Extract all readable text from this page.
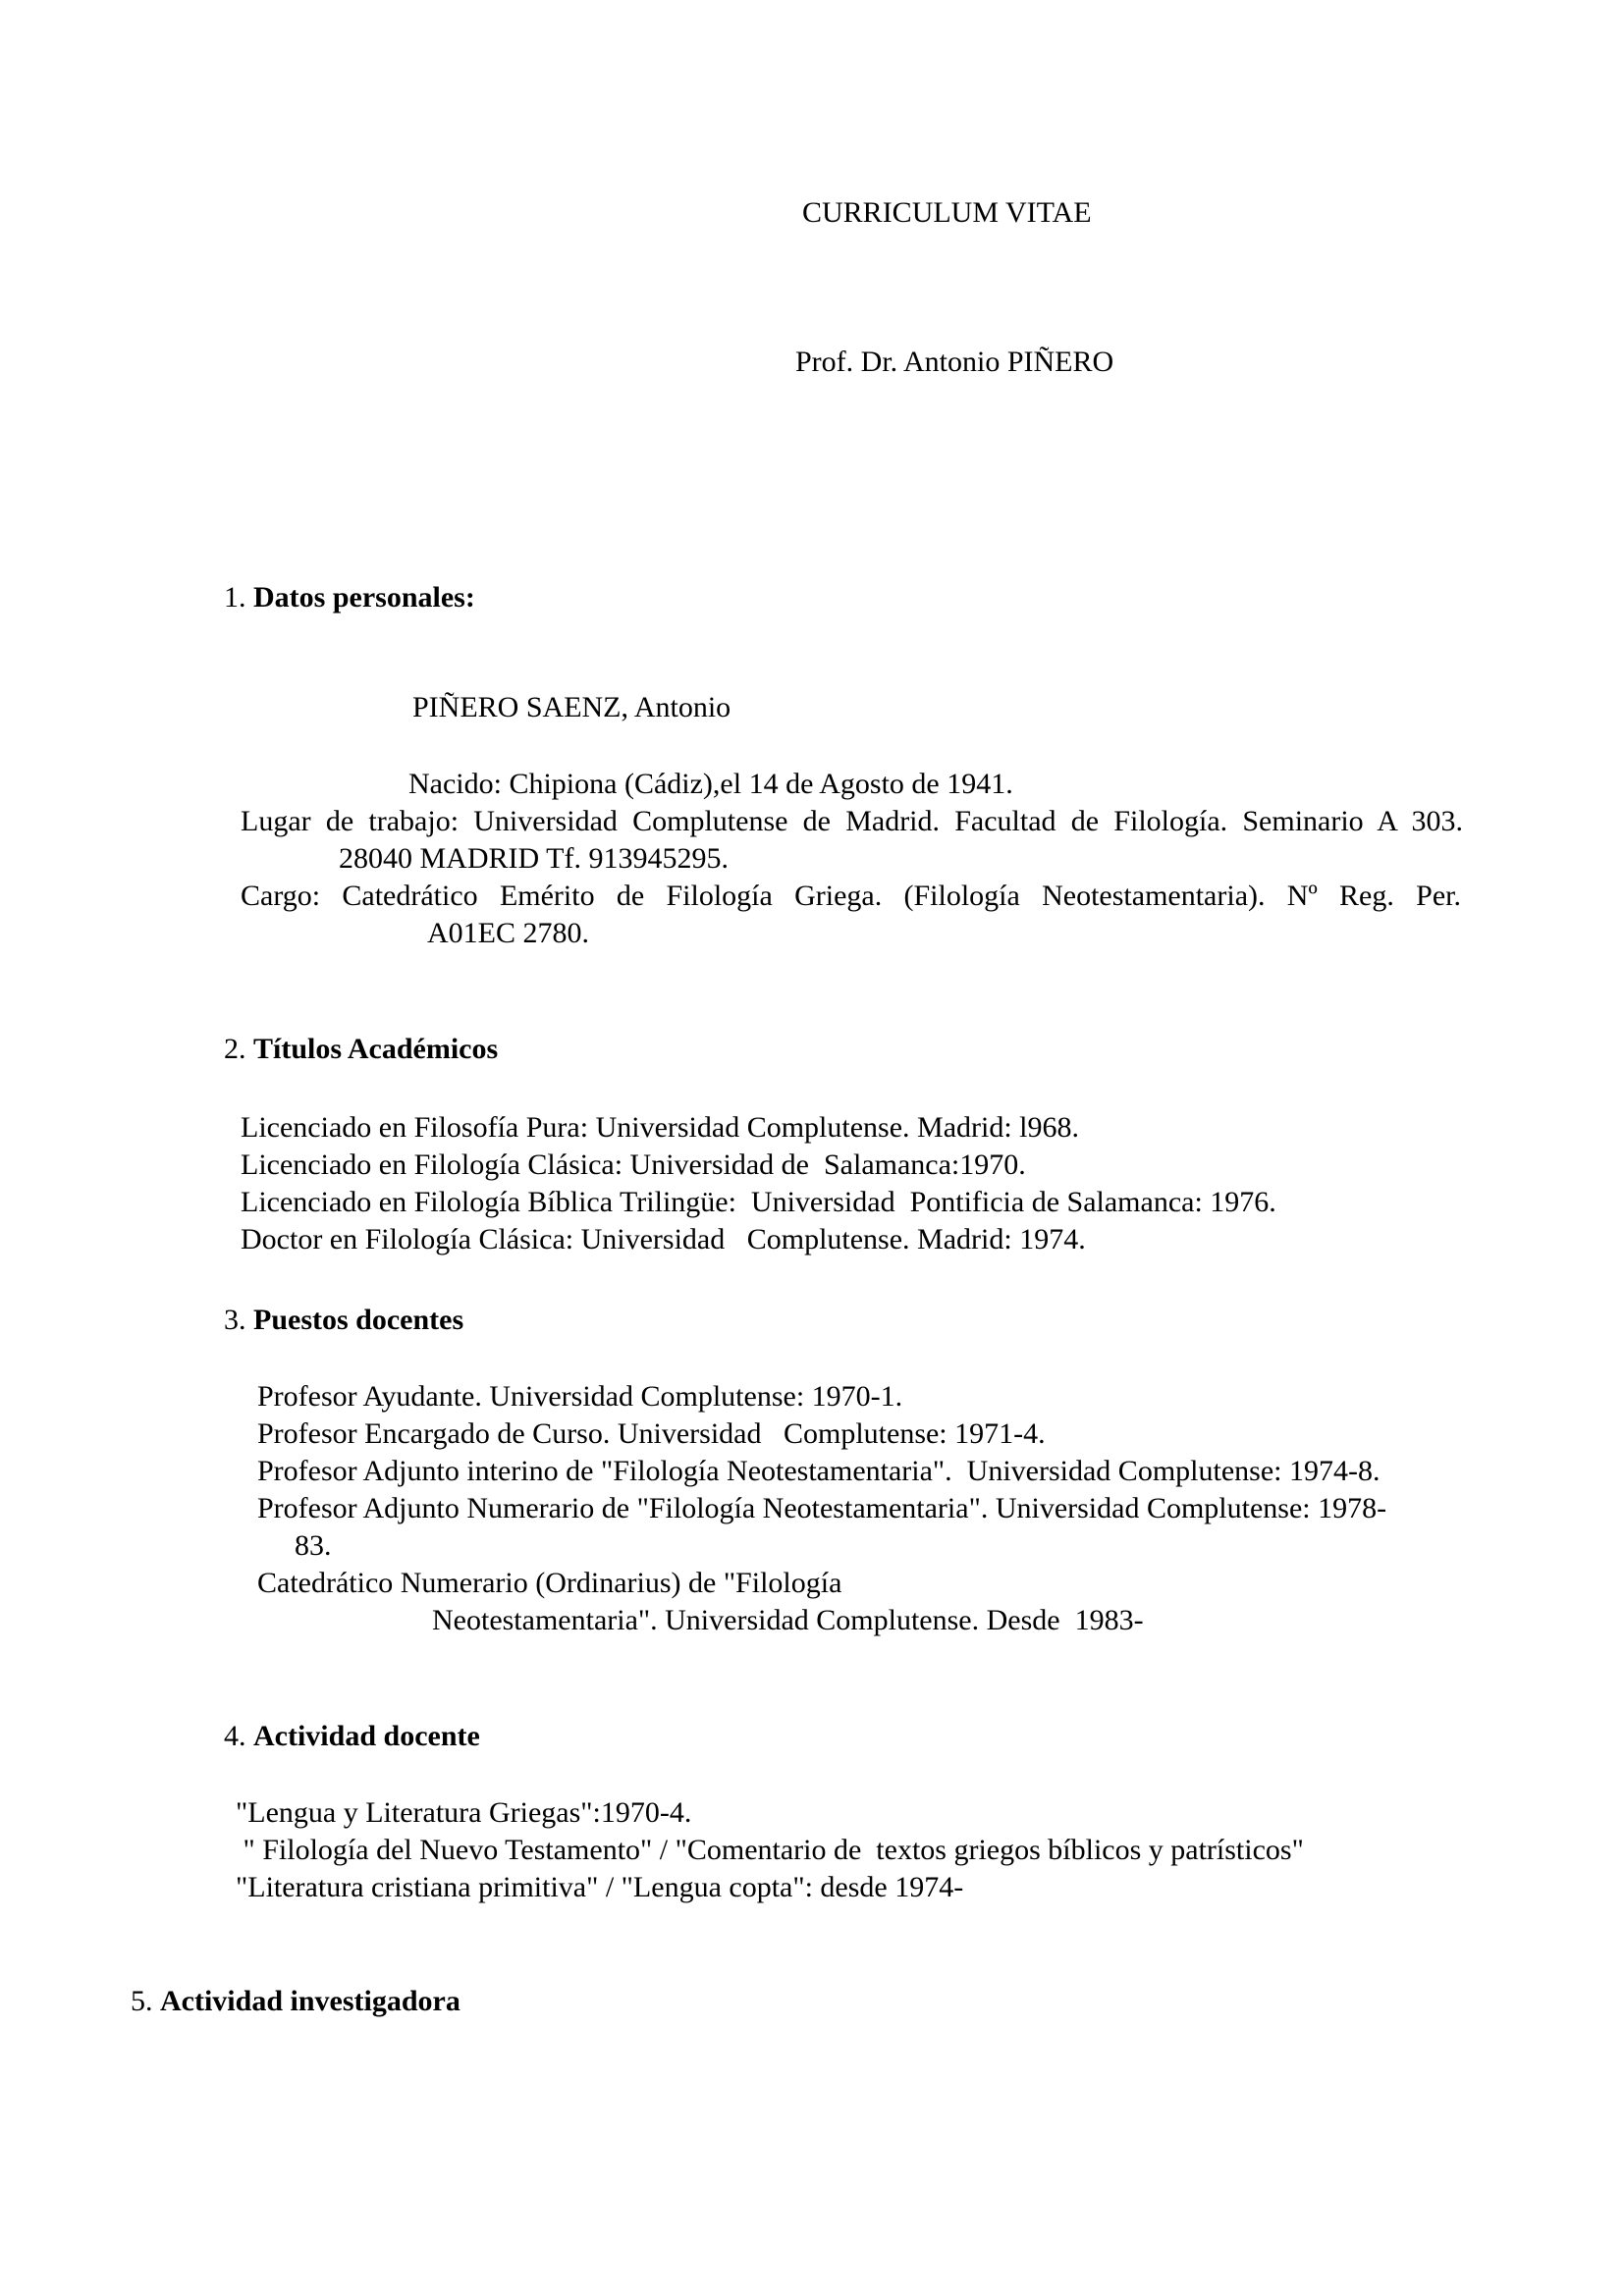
CURRICULUM VITAE
Prof. Dr. Antonio PIÑERO
1. Datos personales:
PIÑERO SAENZ, Antonio
Nacido: Chipiona (Cádiz),el 14 de Agosto de 1941.
Lugar de trabajo: Universidad Complutense de Madrid. Facultad de Filología. Seminario A 303.
28040 MADRID Tf. 913945295.
Cargo: Catedrático Emérito de Filología Griega. (Filología Neotestamentaria). Nº Reg. Per.
A01EC 2780.
2. Títulos Académicos
Licenciado en Filosofía Pura: Universidad Complutense. Madrid: l968.
Licenciado en Filología Clásica: Universidad de  Salamanca:1970.
Licenciado en Filología Bíblica Trilingüe:  Universidad  Pontificia de Salamanca: 1976.
Doctor en Filología Clásica: Universidad   Complutense. Madrid: 1974.
3. Puestos docentes
Profesor Ayudante. Universidad Complutense: 1970-1.
Profesor Encargado de Curso. Universidad   Complutense: 1971-4.
Profesor Adjunto interino de "Filología Neotestamentaria".  Universidad Complutense: 1974-8.
Profesor Adjunto Numerario de "Filología Neotestamentaria". Universidad Complutense: 1978-
83.
Catedrático Numerario (Ordinarius) de "Filología
Neotestamentaria". Universidad Complutense. Desde  1983-
4. Actividad docente
"Lengua y Literatura Griegas":1970-4.
" Filología del Nuevo Testamento" / "Comentario de  textos griegos bíblicos y patrísticos"
"Literatura cristiana primitiva" / "Lengua copta": desde 1974-
5. Actividad investigadora
